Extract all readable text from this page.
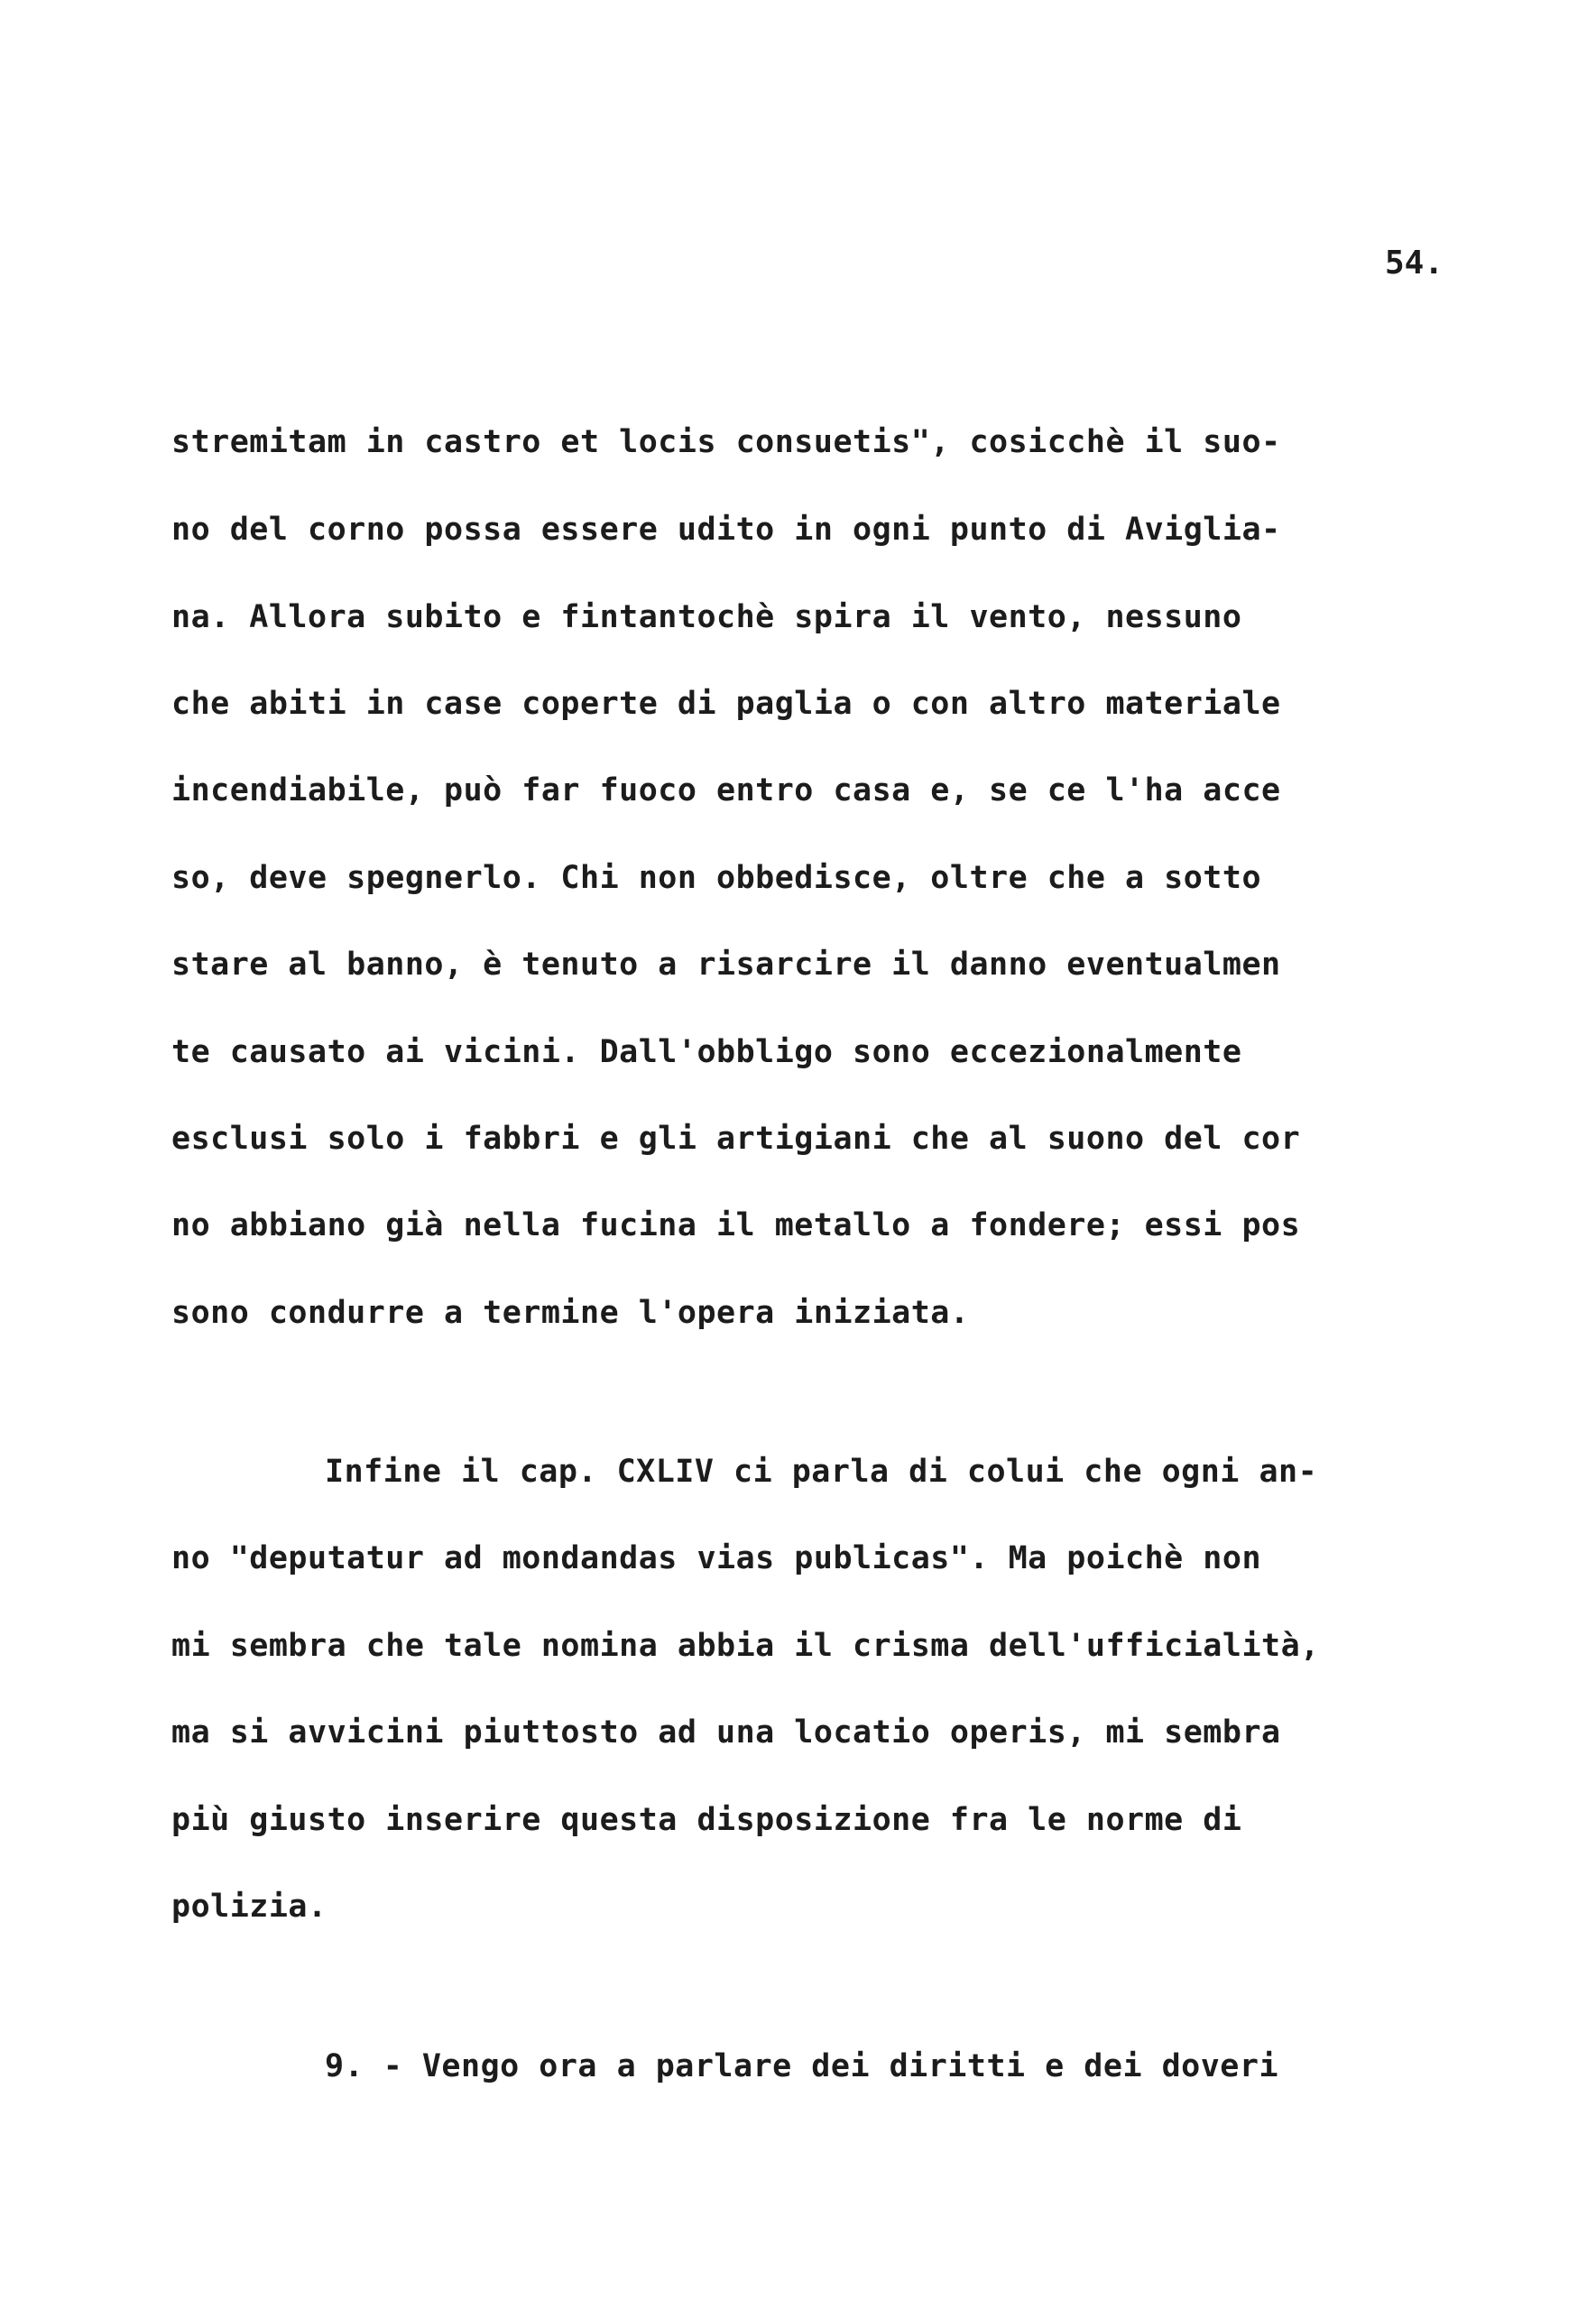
54.
stremitam in castro et locis consuetis", cosicchè il suo-
no del corno possa essere udito in ogni punto di Aviglia-
na. Allora subito e fintantochè spira il vento, nessuno
che abiti in case coperte di paglia o con altro materiale
incendiabile, può far fuoco entro casa e, se ce l'ha acce
so, deve spegnerlo. Chi non obbedisce, oltre che a sotto
stare al banno, è tenuto a risarcire il danno eventualmen
te causato ai vicini. Dall'obbligo sono eccezionalmente
esclusi solo i fabbri e gli artigiani che al suono del cor
no abbiano già nella fucina il metallo a fondere; essi pos
sono condurre a termine l'opera iniziata.
Infine il cap. CXLIV ci parla di colui che ogni an-
no "deputatur ad mondandas vias publicas". Ma poichè non
mi sembra che tale nomina abbia il crisma dell'ufficialità,
ma si avvicini piuttosto ad una locatio operis, mi sembra
più giusto inserire questa disposizione fra le norme di
polizia.
9. - Vengo ora a parlare dei diritti e dei doveri
